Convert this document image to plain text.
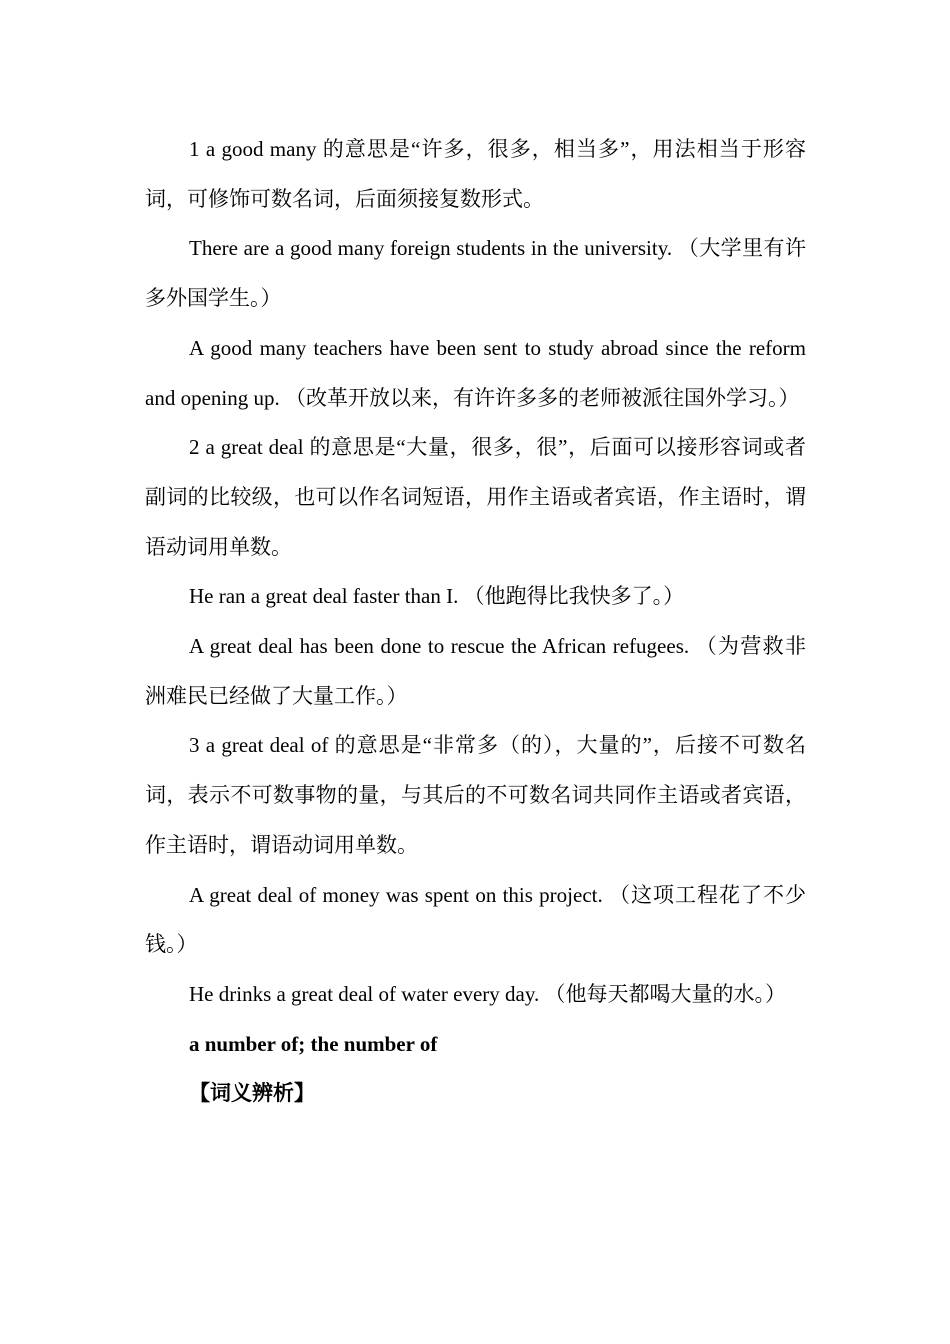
1 a good many 的意思是“许多，很多，相当多”，用法相当于形容词，可修饰可数名词，后面须接复数形式。

There are a good many foreign students in the university. （大学里有许多外国学生。）

A good many teachers have been sent to study abroad since the reform and opening up. （改革开放以来，有许许多多的老师被派往国外学习。）

2 a great deal 的意思是“大量，很多，很”，后面可以接形容词或者副词的比较级，也可以作名词短语，用作主语或者宾语，作主语时，谓语动词用单数。

He ran a great deal faster than I. （他跑得比我快多了。）

A great deal has been done to rescue the African refugees. （为营救非洲难民已经做了大量工作。）

3 a great deal of 的意思是“非常多（的），大量的”，后接不可数名词，表示不可数事物的量，与其后的不可数名词共同作主语或者宾语，作主语时，谓语动词用单数。

A great deal of money was spent on this project. （这项工程花了不少钱。）

He drinks a great deal of water every day. （他每天都喝大量的水。）

a number of; the number of

【词义辨析】
